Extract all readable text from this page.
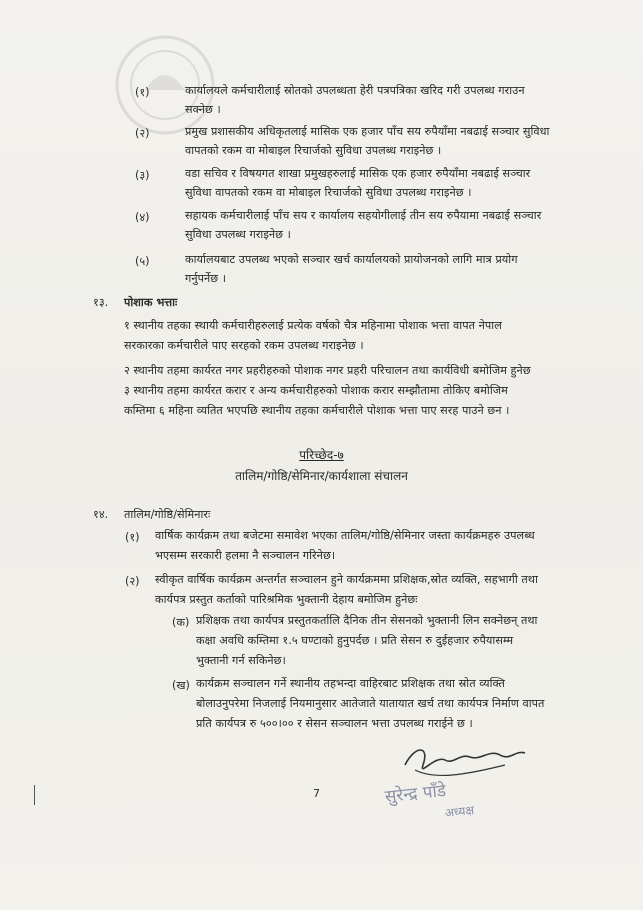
(१)	कार्यालयले कर्मचारीलाई स्रोतको उपलब्धता हेरी पत्रपत्रिका खरिद गरी उपलब्ध गराउन
सक्नेछ ।
(२)	प्रमुख प्रशासकीय अधिकृतलाई मासिक एक हजार पाँच सय रुपैयाँमा नबढाई सञ्चार सुविधा
वापतको रकम वा मोबाइल रिचार्जको सुविधा उपलब्ध गराइनेछ ।
(३)	वडा सचिव र विषयगत शाखा प्रमुखहरुलाई मासिक एक हजार रुपैयाँमा नबढाई सञ्चार
सुविधा वापतको रकम वा मोबाइल रिचार्जको सुविधा उपलब्ध गराइनेछ ।
(४)	सहायक कर्मचारीलाई पाँच सय र कार्यालय सहयोगीलाई तीन सय रुपैयामा नबढाई सञ्चार
सुविधा उपलब्ध गराइनेछ ।
(५)	कार्यालयबाट उपलब्ध भएको सञ्चार खर्च कार्यालयको प्रायोजनको लागि मात्र प्रयोग
गर्नुपर्नेछ ।
१३. पोशाक भत्ताः
१ स्थानीय तहका स्थायी कर्मचारीहरुलाई प्रत्येक वर्षको चैत्र महिनामा पोशाक भत्ता वापत नेपाल
सरकारका कर्मचारीले पाए सरहको रकम उपलब्ध गराइनेछ ।
२ स्थानीय तहमा कार्यरत नगर प्रहरीहरुको पोशाक नगर प्रहरी परिचालन तथा कार्यविधी बमोजिम हुनेछ
३ स्थानीय तहमा कार्यरत करार र अन्य कर्मचारीहरुको पोशाक करार सम्झौतामा तोकिए बमोजिम
कम्तिमा ६ महिना व्यतित भएपछि स्थानीय तहका कर्मचारीले पोशाक भत्ता पाए सरह पाउने छन ।
परिच्छेद-७
तालिम/गोष्ठि/सेमिनार/कार्यशाला संचालन
१४. तालिम/गोष्ठि/सेमिनारः
(१) वार्षिक कार्यक्रम तथा बजेटमा समावेश भएका तालिम/गोष्ठि/सेमिनार जस्ता कार्यक्रमहरु उपलब्ध
भएसम्म सरकारी हलमा नै सञ्चालन गरिनेछ।
(२) स्वीकृत वार्षिक कार्यक्रम अन्तर्गत सञ्चालन हुने कार्यक्रममा प्रशिक्षक,स्रोत व्यक्ति, सहभागी तथा
कार्यपत्र प्रस्तुत कर्ताको पारिश्रमिक भुक्तानी देहाय बमोजिम हुनेछः
(क) प्रशिक्षक तथा कार्यपत्र प्रस्तुतकर्तालि दैनिक तीन सेसनको भुक्तानी लिन सक्नेछन् तथा
कक्षा अवधि कम्तिमा १.५ घण्टाको हुनुपर्दछ । प्रति सेसन रु दुईहजार रुपैयासम्म
भुक्तानी गर्न सकिनेछ।
(ख) कार्यक्रम सञ्चालन गर्ने स्थानीय तहभन्दा वाहिरबाट प्रशिक्षक तथा स्रोत व्यक्ति
बोलाउनुपरेमा निजलाई नियमानुसार आतेजाते यातायात खर्च तथा कार्यपत्र निर्माण वापत
प्रति कार्यपत्र रु ५००।०० र सेसन सञ्चालन भत्ता उपलब्ध गराईने छ ।
7	सुरेन्द्र पाँडे
अध्यक्ष
